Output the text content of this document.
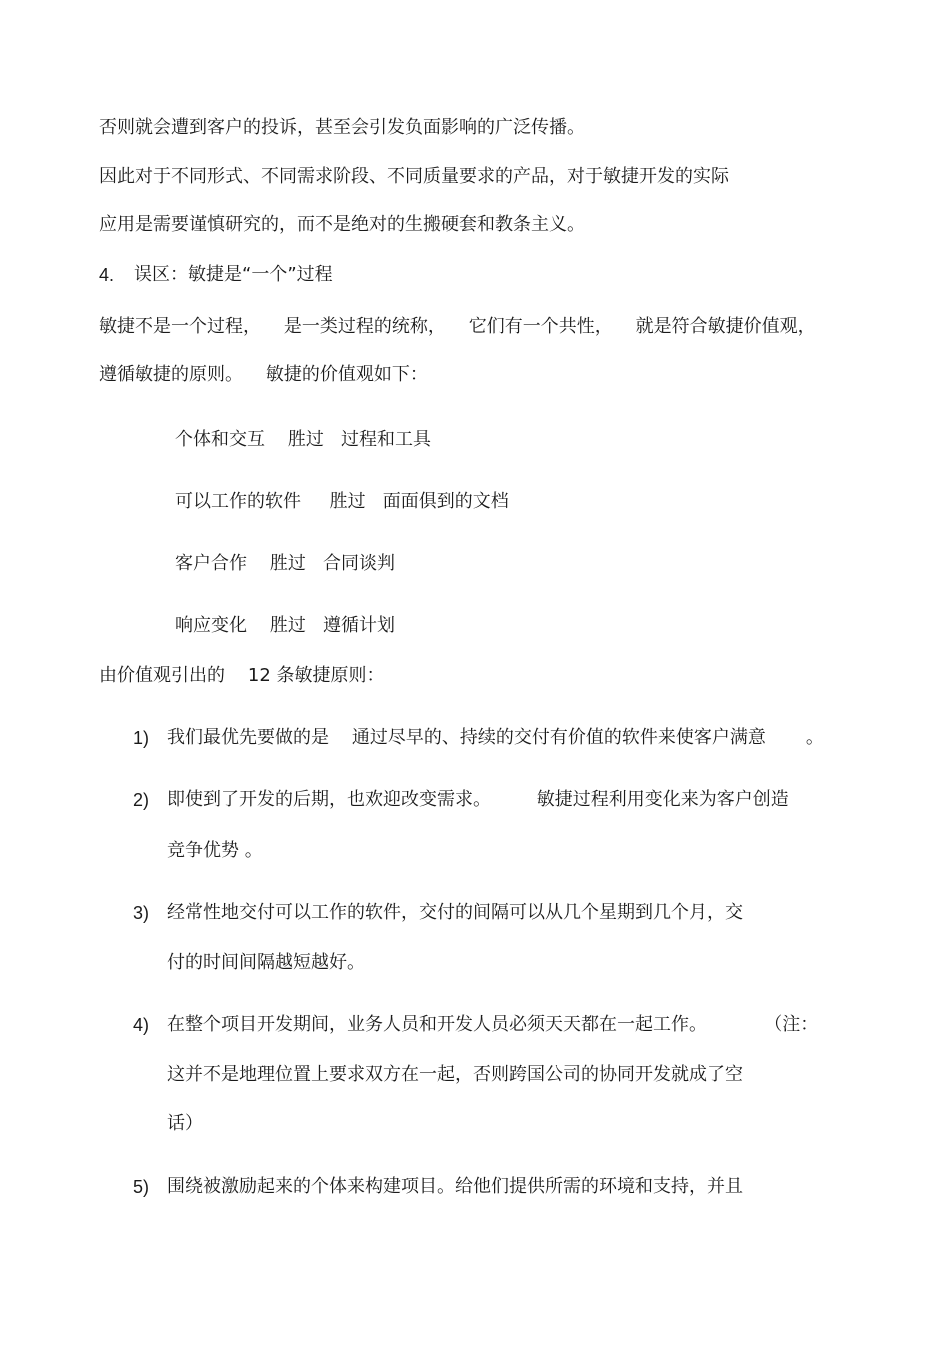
否则就会遭到客户的投诉，甚至会引发负面影响的广泛传播。
因此对于不同形式、不同需求阶段、不同质量要求的产品，对于敏捷开发的实际
应用是需要谨慎研究的，而不是绝对的生搬硬套和教条主义。
4. 误区：敏捷是“一个”过程
敏捷不是一个过程，    是一类过程的统称，    它们有一个共性，    就是符合敏捷价值观，
遵循敏捷的原则。    敏捷的价值观如下：
个体和交互    胜过   过程和工具
可以工作的软件     胜过   面面俱到的文档
客户合作    胜过   合同谈判
响应变化    胜过   遵循计划
由价值观引出的    12 条敏捷原则：
1) 我们最优先要做的是    通过尽早的、持续的交付有价值的软件来使客户满意       。
2) 即使到了开发的后期，也欢迎改变需求。        敏捷过程利用变化来为客户创造
竞争优势 。
3) 经常性地交付可以工作的软件，交付的间隔可以从几个星期到几个月，交
付的时间间隔越短越好。
4) 在整个项目开发期间，业务人员和开发人员必须天天都在一起工作。          （注：
这并不是地理位置上要求双方在一起，否则跨国公司的协同开发就成了空
话）
5) 围绕被激励起来的个体来构建项目。给他们提供所需的环境和支持，并且
